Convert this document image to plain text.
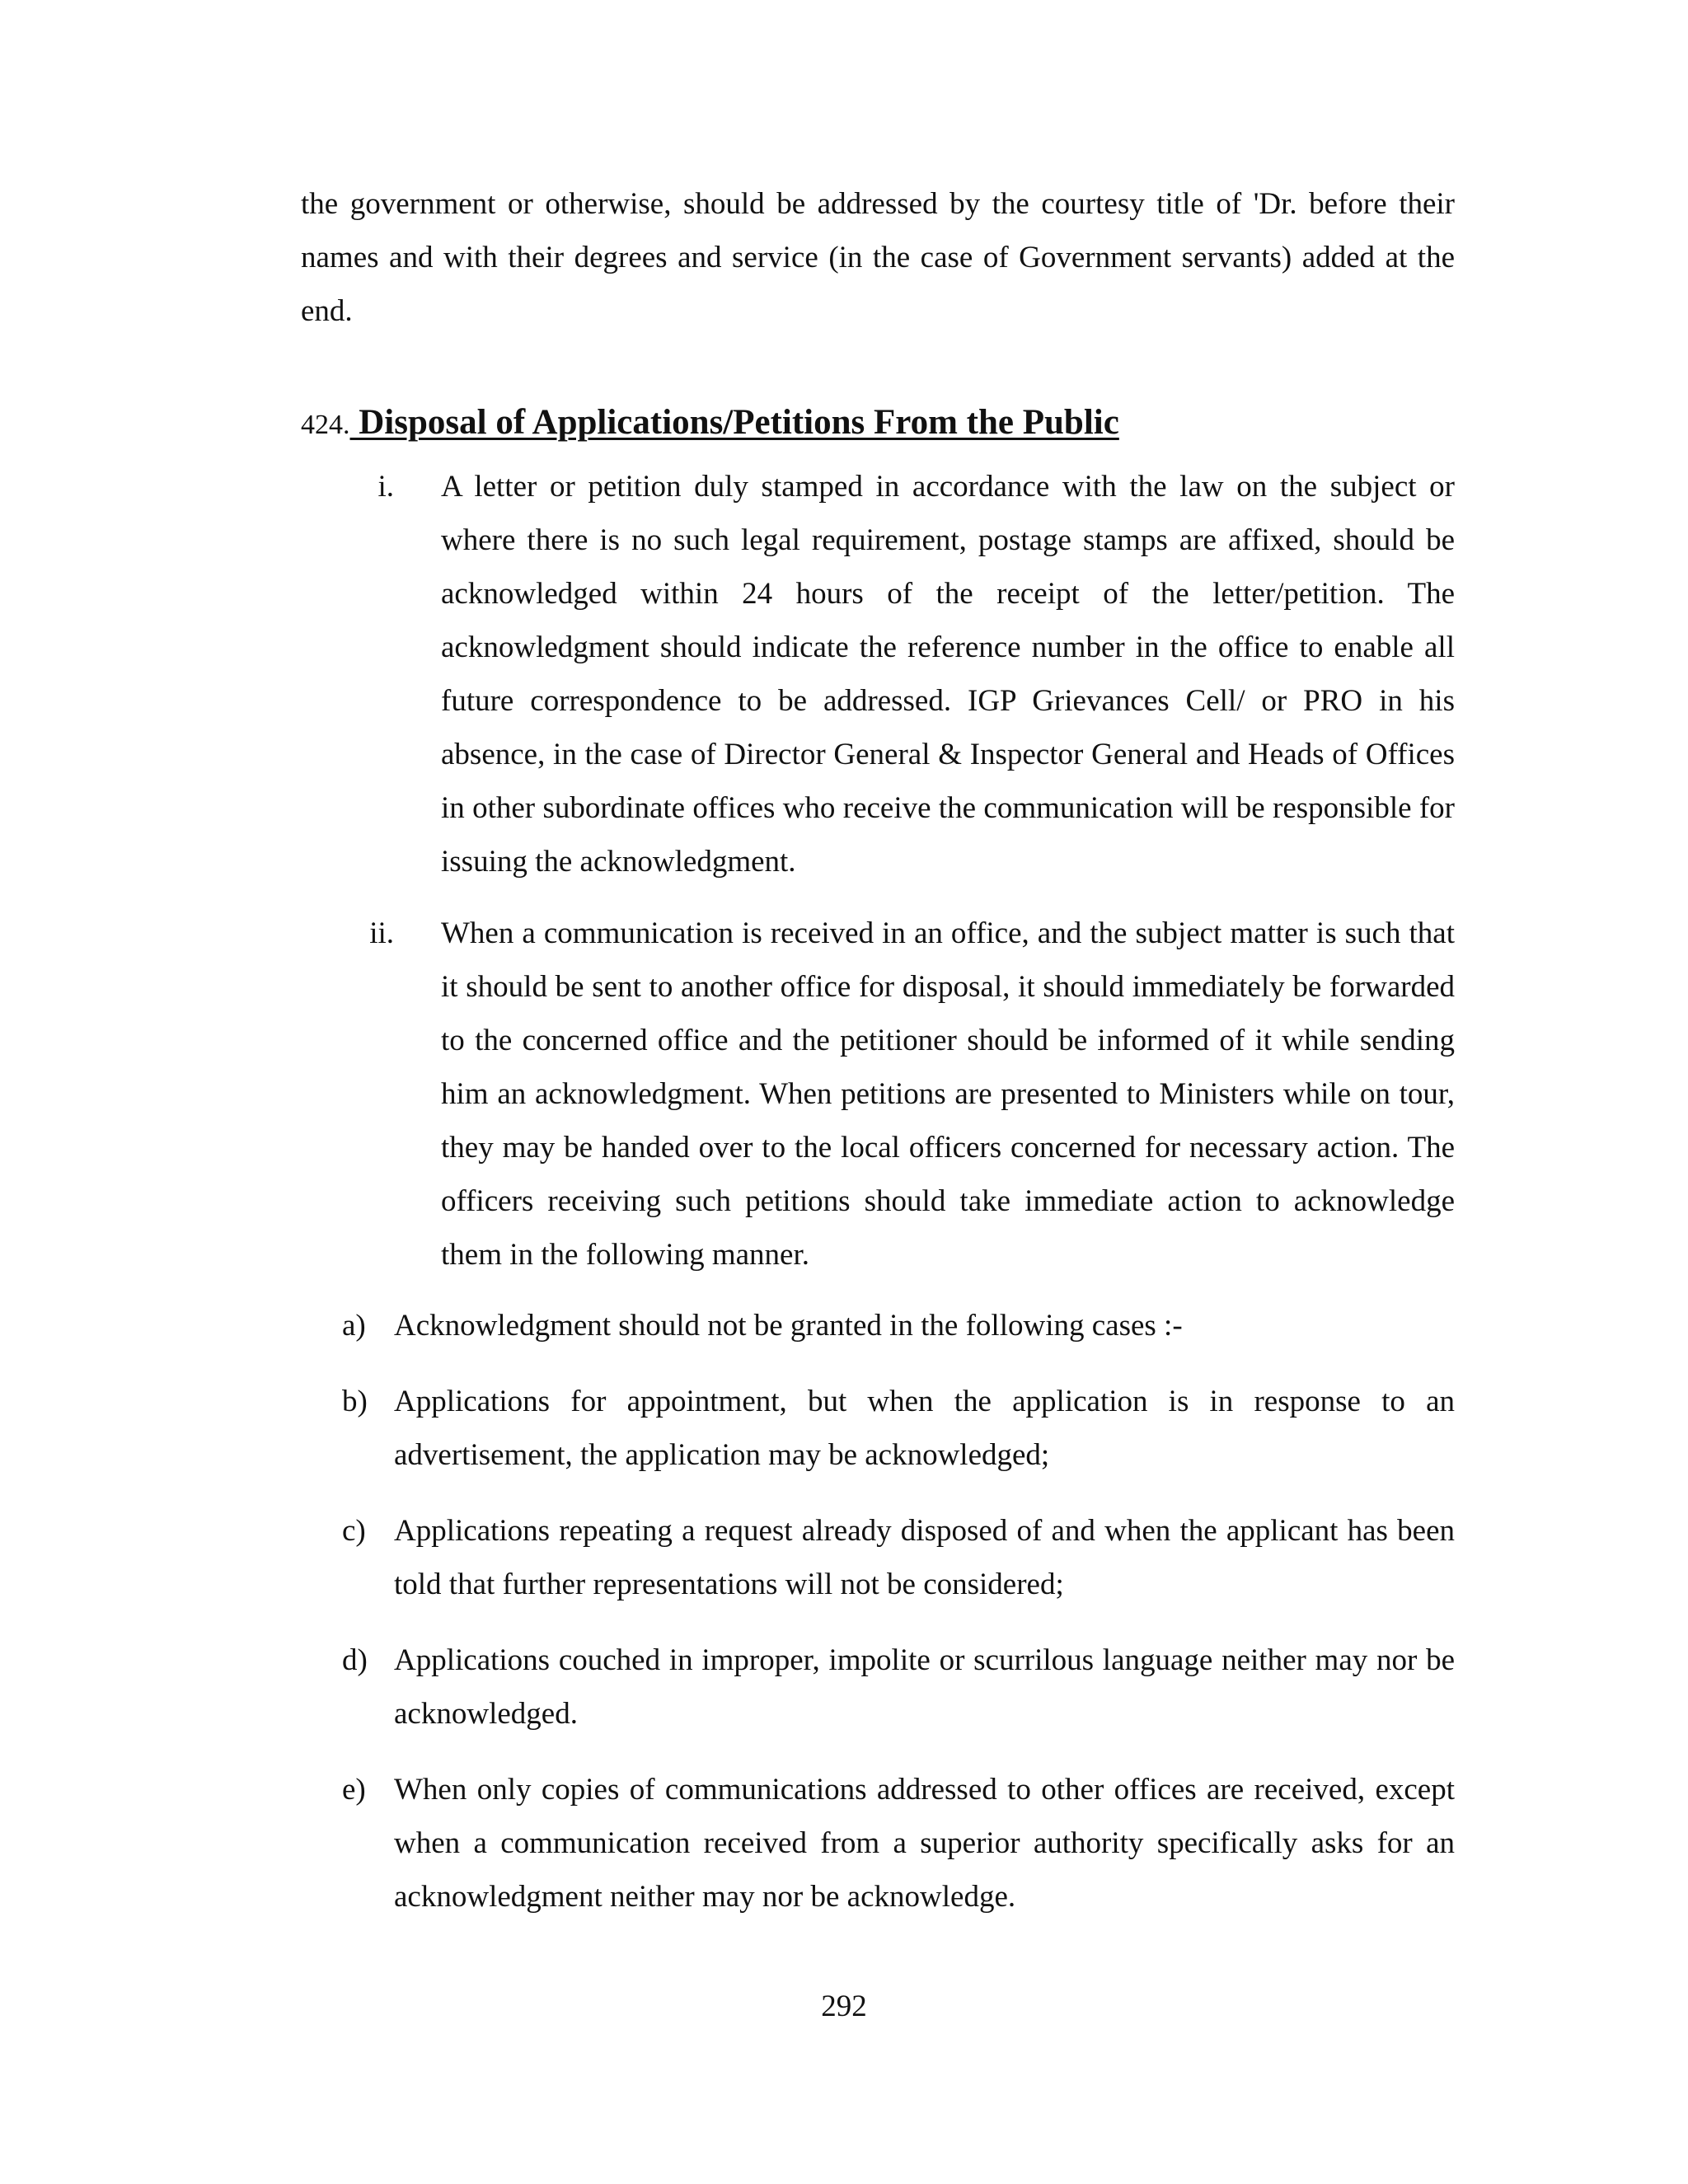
the government or otherwise, should be addressed by the courtesy title of 'Dr. before their names and with their degrees and service (in the case of Government servants) added at the end.

424. Disposal of Applications/Petitions From the Public
i. A letter or petition duly stamped in accordance with the law on the subject or where there is no such legal requirement, postage stamps are affixed, should be acknowledged within 24 hours of the receipt of the letter/petition. The acknowledgment should indicate the reference number in the office to enable all future correspondence to be addressed. IGP Grievances Cell/ or PRO in his absence, in the case of Director General & Inspector General and Heads of Offices in other subordinate offices who receive the communication will be responsible for issuing the acknowledgment.

ii. When a communication is received in an office, and the subject matter is such that it should be sent to another office for disposal, it should immediately be forwarded to the concerned office and the petitioner should be informed of it while sending him an acknowledgment. When petitions are presented to Ministers while on tour, they may be handed over to the local officers concerned for necessary action. The officers receiving such petitions should take immediate action to acknowledge them in the following manner.

a) Acknowledgment should not be granted in the following cases :-

b) Applications for appointment, but when the application is in response to an advertisement, the application may be acknowledged;

c) Applications repeating a request already disposed of and when the applicant has been told that further representations will not be considered;

d) Applications couched in improper, impolite or scurrilous language neither may nor be acknowledged.

e) When only copies of communications addressed to other offices are received, except when a communication received from a superior authority specifically asks for an acknowledgment neither may nor be acknowledge.

292
